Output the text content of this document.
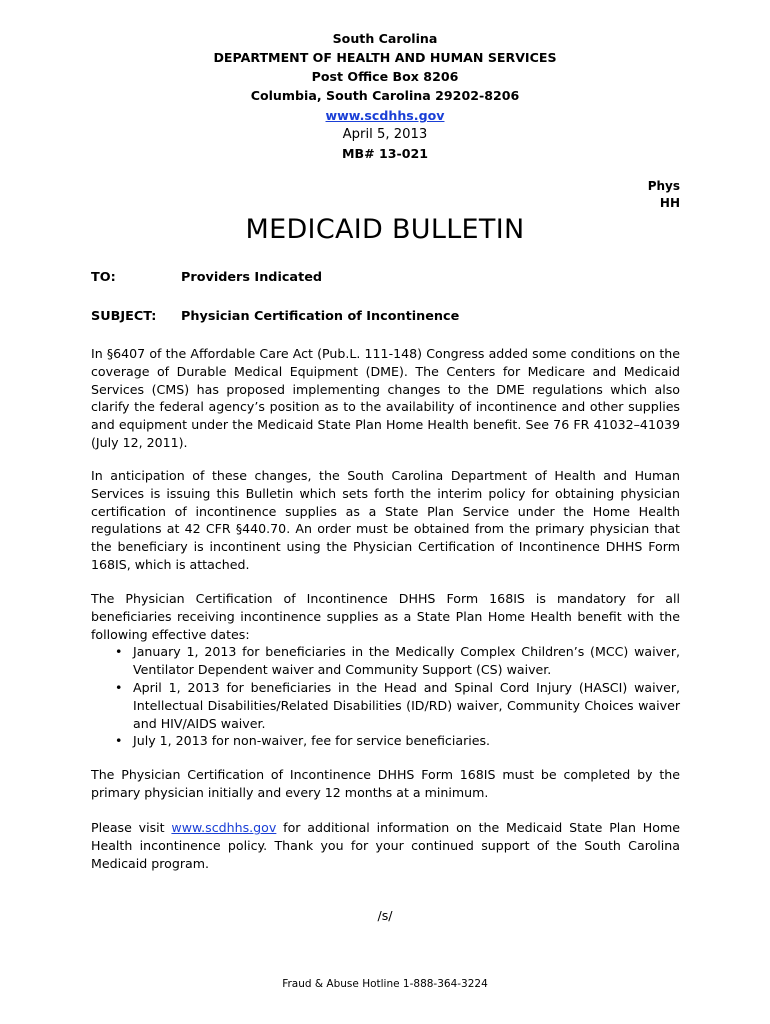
South Carolina
DEPARTMENT OF HEALTH AND HUMAN SERVICES
Post Office Box 8206
Columbia, South Carolina 29202-8206
www.scdhhs.gov
April 5, 2013
MB# 13-021
Phys
HH
MEDICAID BULLETIN
TO:	Providers Indicated
SUBJECT: Physician Certification of Incontinence

In §6407 of the Affordable Care Act (Pub.L. 111-148) Congress added some conditions on the coverage of Durable Medical Equipment (DME). The Centers for Medicare and Medicaid Services (CMS) has proposed implementing changes to the DME regulations which also clarify the federal agency’s position as to the availability of incontinence and other supplies and equipment under the Medicaid State Plan Home Health benefit. See 76 FR 41032–41039 (July 12, 2011).

In anticipation of these changes, the South Carolina Department of Health and Human Services is issuing this Bulletin which sets forth the interim policy for obtaining physician certification of incontinence supplies as a State Plan Service under the Home Health regulations at 42 CFR §440.70. An order must be obtained from the primary physician that the beneficiary is incontinent using the Physician Certification of Incontinence DHHS Form 168IS, which is attached.

The Physician Certification of Incontinence DHHS Form 168IS is mandatory for all beneficiaries receiving incontinence supplies as a State Plan Home Health benefit with the following effective dates:

• January 1, 2013 for beneficiaries in the Medically Complex Children’s (MCC) waiver, Ventilator Dependent waiver and Community Support (CS) waiver.
• April 1, 2013 for beneficiaries in the Head and Spinal Cord Injury (HASCI) waiver, Intellectual Disabilities/Related Disabilities (ID/RD) waiver, Community Choices waiver and HIV/AIDS waiver.
• July 1, 2013 for non-waiver, fee for service beneficiaries.

The Physician Certification of Incontinence DHHS Form 168IS must be completed by the primary physician initially and every 12 months at a minimum.

Please visit www.scdhhs.gov for additional information on the Medicaid State Plan Home Health incontinence policy. Thank you for your continued support of the South Carolina Medicaid program.

/s/
Fraud & Abuse Hotline 1-888-364-3224
